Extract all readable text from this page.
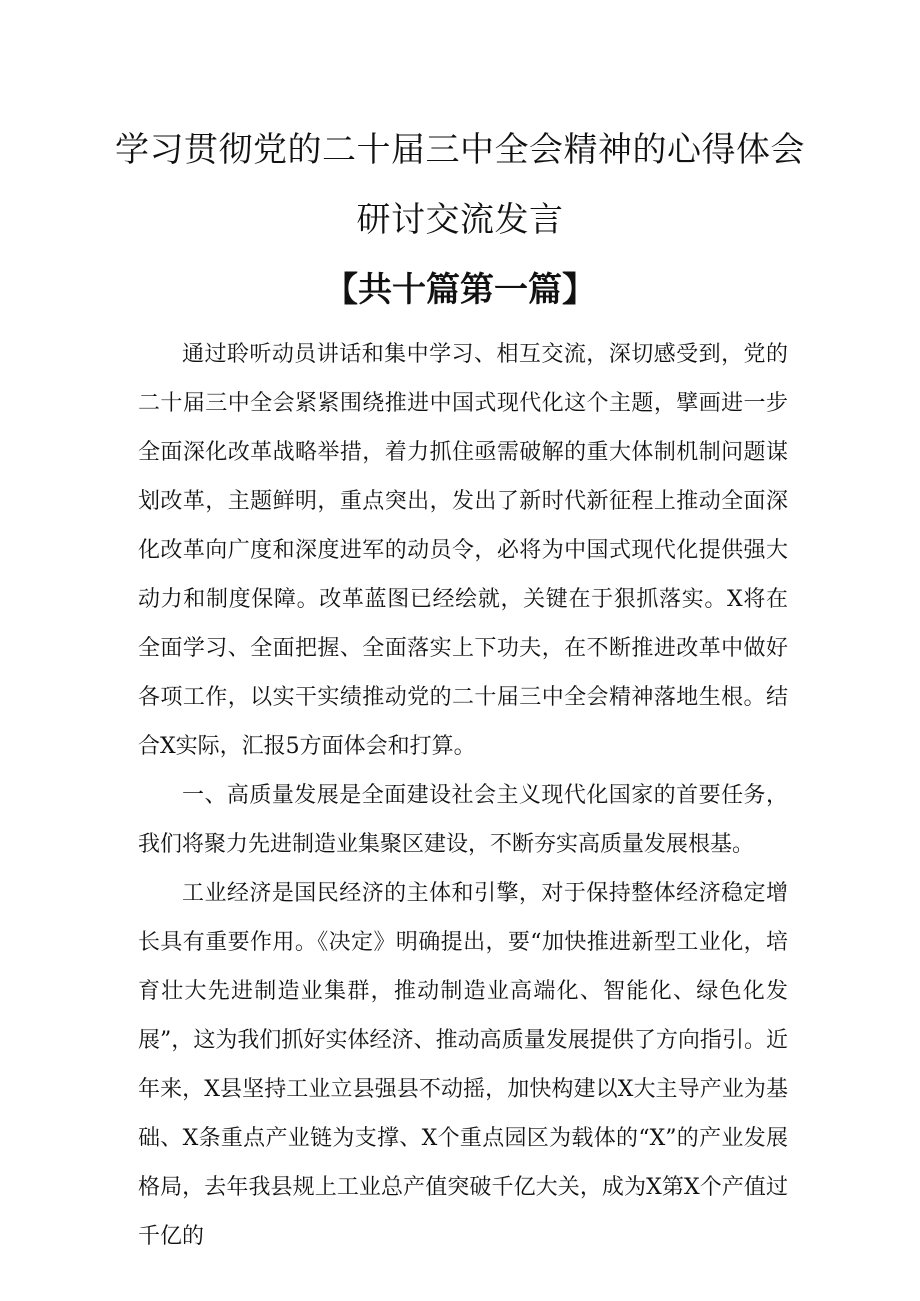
学习贯彻党的二十届三中全会精神的心得体会
研讨交流发言
【共十篇第一篇】

通过聆听动员讲话和集中学习、相互交流，深切感受到，党的二十届三中全会紧紧围绕推进中国式现代化这个主题，擘画进一步全面深化改革战略举措，着力抓住亟需破解的重大体制机制问题谋划改革，主题鲜明，重点突出，发出了新时代新征程上推动全面深化改革向广度和深度进军的动员令，必将为中国式现代化提供强大动力和制度保障。改革蓝图已经绘就，关键在于狠抓落实。X将在全面学习、全面把握、全面落实上下功夫，在不断推进改革中做好各项工作，以实干实绩推动党的二十届三中全会精神落地生根。结合X实际，汇报5方面体会和打算。

一、高质量发展是全面建设社会主义现代化国家的首要任务，我们将聚力先进制造业集聚区建设，不断夯实高质量发展根基。

工业经济是国民经济的主体和引擎，对于保持整体经济稳定增长具有重要作用。《决定》明确提出，要“加快推进新型工业化，培育壮大先进制造业集群，推动制造业高端化、智能化、绿色化发展”，这为我们抓好实体经济、推动高质量发展提供了方向指引。近年来，X县坚持工业立县强县不动摇，加快构建以X大主导产业为基础、X条重点产业链为支撑、X个重点园区为载体的“X”的产业发展格局，去年我县规上工业总产值突破千亿大关，成为X第X个产值过千亿的
